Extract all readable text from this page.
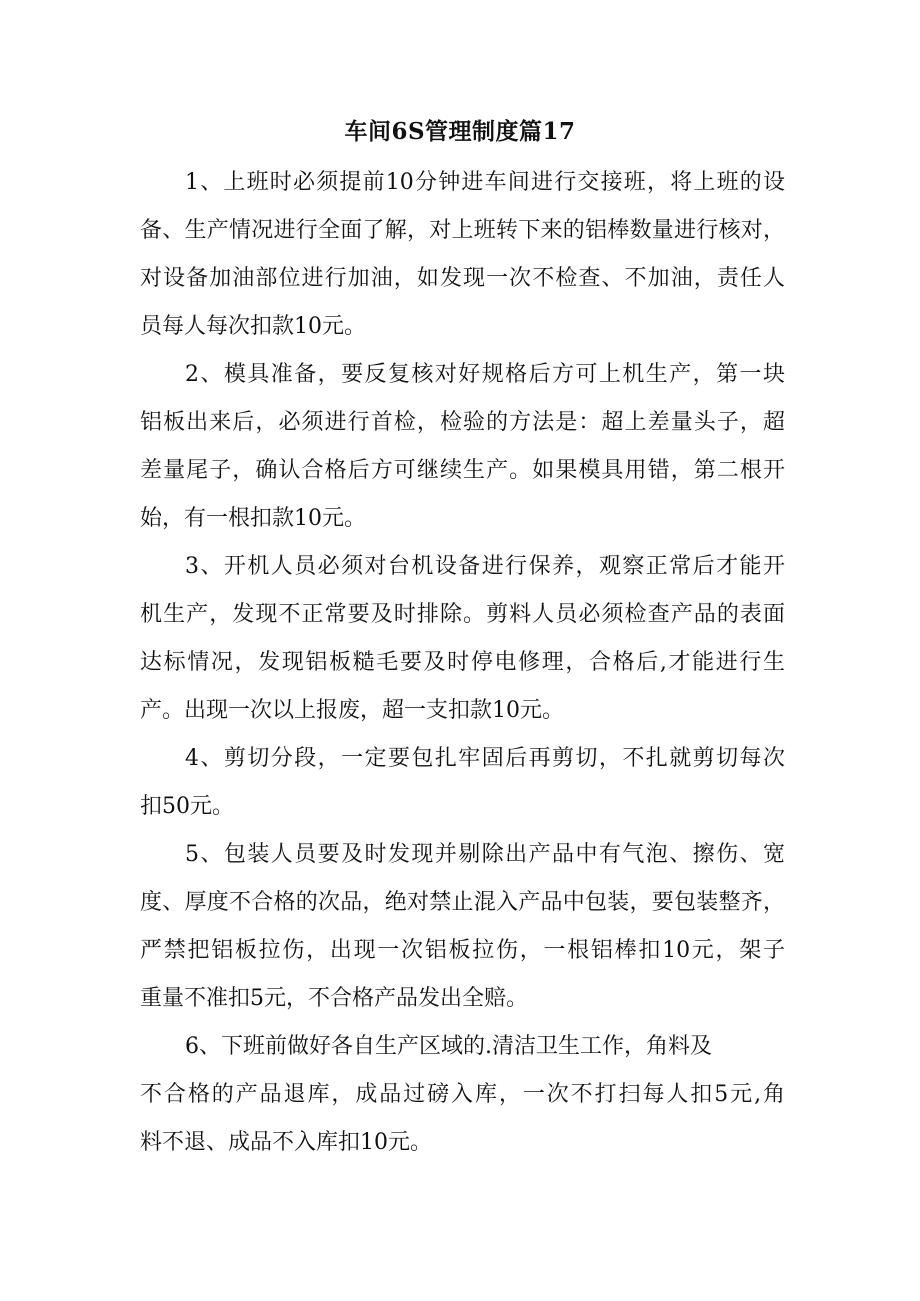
车间6S管理制度篇17
1、上班时必须提前10分钟进车间进行交接班，将上班的设
备、生产情况进行全面了解，对上班转下来的铝棒数量进行核对，
对设备加油部位进行加油，如发现一次不检查、不加油，责任人
员每人每次扣款10元。
2、模具准备，要反复核对好规格后方可上机生产，第一块
铝板出来后，必须进行首检，检验的方法是：超上差量头子，超
差量尾子，确认合格后方可继续生产。如果模具用错，第二根开
始，有一根扣款10元。
3、开机人员必须对台机设备进行保养，观察正常后才能开
机生产，发现不正常要及时排除。剪料人员必须检查产品的表面
达标情况，发现铝板糙毛要及时停电修理，合格后,才能进行生
产。出现一次以上报废，超一支扣款10元。
4、剪切分段，一定要包扎牢固后再剪切，不扎就剪切每次
扣50元。
5、包装人员要及时发现并剔除出产品中有气泡、擦伤、宽
度、厚度不合格的次品，绝对禁止混入产品中包装，要包装整齐，
严禁把铝板拉伤，出现一次铝板拉伤，一根铝棒扣10元，架子
重量不准扣5元，不合格产品发出全赔。
6、下班前做好各自生产区域的.清洁卫生工作，角料及
不合格的产品退库，成品过磅入库，一次不打扫每人扣5元,角
料不退、成品不入库扣10元。
